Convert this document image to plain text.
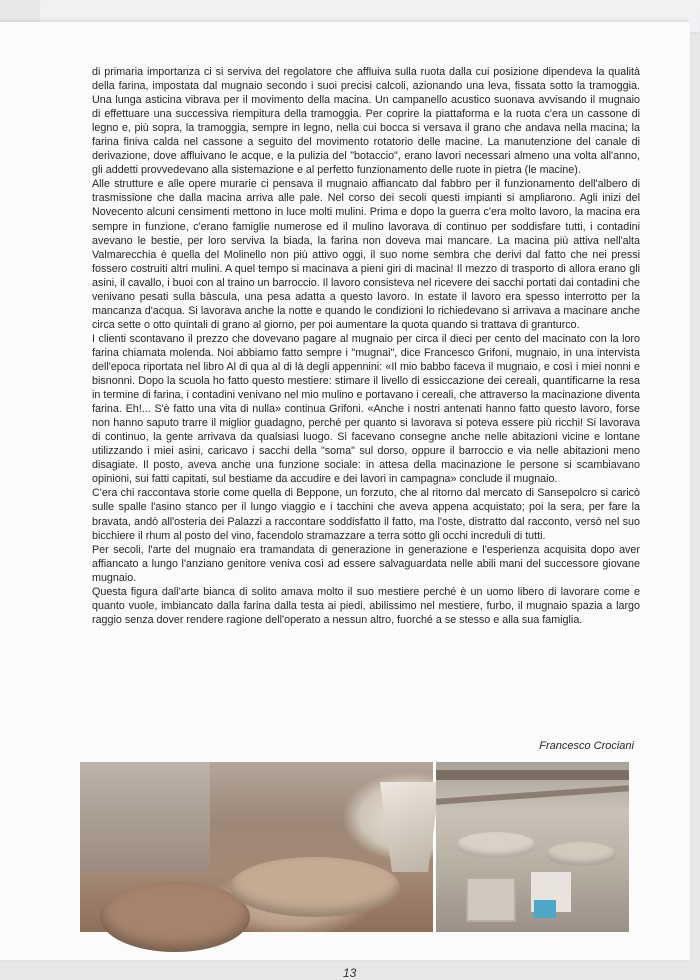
di primaria importanza ci si serviva del regolatore che affluiva sulla ruota dalla cui posizione dipendeva la qualità della farina, impostata dal mugnaio secondo i suoi precisi calcoli, azionando una leva, fissata sotto la tramoggia. Una lunga asticina vibrava per il movimento della macina. Un campanello acustico suonava avvisando il mugnaio di effettuare una successiva riempitura della tramoggia. Per coprire la piattaforma e la ruota c'era un cassone di legno e, più sopra, la tramoggia, sempre in legno, nella cui bocca si versava il grano che andava nella macina; la farina finiva calda nel cassone a seguito del movimento rotatorio delle macine. La manutenzione del canale di derivazione, dove affluivano le acque, e la pulizia del "botaccio", erano lavori necessari almeno una volta all'anno, gli addetti provvedevano alla sistemazione e al perfetto funzionamento delle ruote in pietra (le macine).

Alle strutture e alle opere murarie ci pensava il mugnaio affiancato dal fabbro per il funzionamento dell'albero di trasmissione che dalla macina arriva alle pale. Nel corso dei secoli questi impianti si ampliarono. Agli inizi del Novecento alcuni censimenti mettono in luce molti mulini. Prima e dopo la guerra c'era molto lavoro, la macina era sempre in funzione, c'erano famiglie numerose ed il mulino lavorava di continuo per soddisfare tutti, i contadini avevano le bestie, per loro serviva la biada, la farina non doveva mai mancare. La macina più attiva nell'alta Valmarecchia è quella del Molinello non più attivo oggi, il suo nome sembra che derivi dal fatto che nei pressi fossero costruiti altri mulini. A quel tempo si macinava a pieni giri di macina! Il mezzo di trasporto di allora erano gli asini, il cavallo, i buoi con al traino un barroccio. Il lavoro consisteva nel ricevere dei sacchi portati dai contadini che venivano pesati sulla bàscula, una pesa adatta a questo lavoro. In estate il lavoro era spesso interrotto per la mancanza d'acqua. Si lavorava anche la notte e quando le condizioni lo richiedevano si arrivava a macinare anche circa sette o otto quintali di grano al giorno, per poi aumentare la quota quando si trattava di granturco.

I clienti scontavano il prezzo che dovevano pagare al mugnaio per circa il dieci per cento del macinato con la loro farina chiamata molenda. Noi abbiamo fatto sempre i "mugnai", dice Francesco Grifoni, mugnaio, in una intervista dell'epoca riportata nel libro Al di qua al di là degli appennini: «Il mio babbo faceva il mugnaio, e così i miei nonni e bisnonni. Dopo la scuola ho fatto questo mestiere: stimare il livello di essiccazione dei cereali, quantificarne la resa in termine di farina, i contadini venivano nel mio mulino e portavano i cereali, che attraverso la macinazione diventa farina. Eh!... S'è fatto una vita di nulla» continua Grifoni. «Anche i nostri antenati hanno fatto questo lavoro, forse non hanno saputo trarre il miglior guadagno, perché per quanto si lavorava si poteva essere più ricchi! Si lavorava di continuo, la gente arrivava da qualsiasi luogo. Si facevano consegne anche nelle abitazioni vicine e lontane utilizzando i miei asini, caricavo i sacchi della "soma" sul dorso, oppure il barroccio e via nelle abitazioni meno disagiate. Il posto, aveva anche una funzione sociale: in attesa della macinazione le persone si scambiavano opinioni, sui fatti capitati, sul bestiame da accudire e dei lavori in campagna» conclude il mugnaio.

C'era chi raccontava storie come quella di Beppone, un forzuto, che al ritorno dal mercato di Sansepolcro si caricò sulle spalle l'asino stanco per il lungo viaggio e i tacchini che aveva appena acquistato; poi la sera, per fare la bravata, andò all'osteria dei Palazzi a raccontare soddisfatto il fatto, ma l'oste, distratto dal racconto, versò nel suo bicchiere il rhum al posto del vino, facendolo stramazzare a terra sotto gli occhi increduli di tutti.

Per secoli, l'arte del mugnaio era tramandata di generazione in generazione e l'esperienza acquisita dopo aver affiancato a lungo l'anziano genitore veniva così ad essere salvaguardata nelle abili mani del successore giovane mugnaio.

Questa figura dall'arte bianca di solito amava molto il suo mestiere perché è un uomo libero di lavorare come e quanto vuole, imbiancato dalla farina dalla testa ai piedi, abilissimo nel mestiere, furbo, il mugnaio spazia a largo raggio senza dover rendere ragione dell'operato a nessun altro, fuorché a se stesso e alla sua famiglia.

Francesco Crociani
13
